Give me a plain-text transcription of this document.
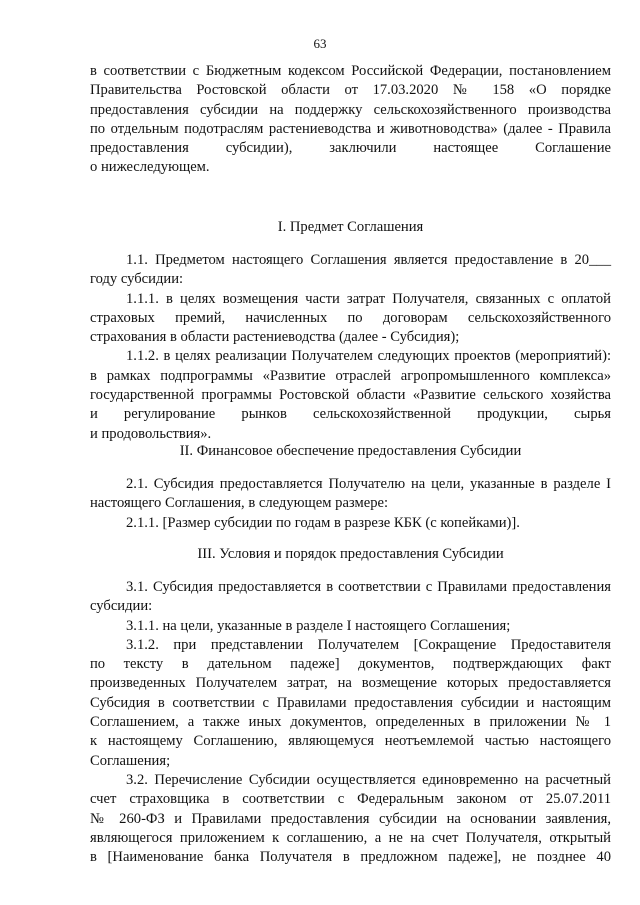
63

в соответствии с Бюджетным кодексом Российской Федерации, постановлением

Правительства Ростовской области от 17.03.2020 № 158 «О порядке

предоставления субсидии на поддержку сельскохозяйственного производства

по отдельным подотраслям растениеводства и животноводства» (далее - Правила

предоставления субсидии), заключили настоящее Соглашение

о нижеследующем.

I. Предмет Соглашения

1.1. Предметом настоящего Соглашения является предоставление в 20___

году субсидии:

1.1.1. в целях возмещения части затрат Получателя, связанных с оплатой

страховых премий, начисленных по договорам сельскохозяйственного

страхования в области растениеводства (далее - Субсидия);

1.1.2. в целях реализации Получателем следующих проектов (мероприятий):

в рамках подпрограммы «Развитие отраслей агропромышленного комплекса»

государственной программы Ростовской области «Развитие сельского хозяйства

и регулирование рынков сельскохозяйственной продукции, сырья

и продовольствия».

II. Финансовое обеспечение предоставления Субсидии

2.1. Субсидия предоставляется Получателю на цели, указанные в разделе I

настоящего Соглашения, в следующем размере:

2.1.1. [Размер субсидии по годам в разрезе КБК (с копейками)].

III. Условия и порядок предоставления Субсидии

3.1. Субсидия предоставляется в соответствии с Правилами предоставления

субсидии:

3.1.1. на цели, указанные в разделе I настоящего Соглашения;

3.1.2. при представлении Получателем [Сокращение Предоставителя

по тексту в дательном падеже] документов, подтверждающих факт

произведенных Получателем затрат, на возмещение которых предоставляется

Субсидия в соответствии с Правилами предоставления субсидии и настоящим

Соглашением, а также иных документов, определенных в приложении № 1

к настоящему Соглашению, являющемуся неотъемлемой частью настоящего

Соглашения;

3.2. Перечисление Субсидии осуществляется единовременно на расчетный

счет страховщика в соответствии с Федеральным законом от 25.07.2011

№ 260-ФЗ и Правилами предоставления субсидии на основании заявления,

являющегося приложением к соглашению, а не на счет Получателя, открытый

в [Наименование банка Получателя в предложном падеже], не позднее 40
